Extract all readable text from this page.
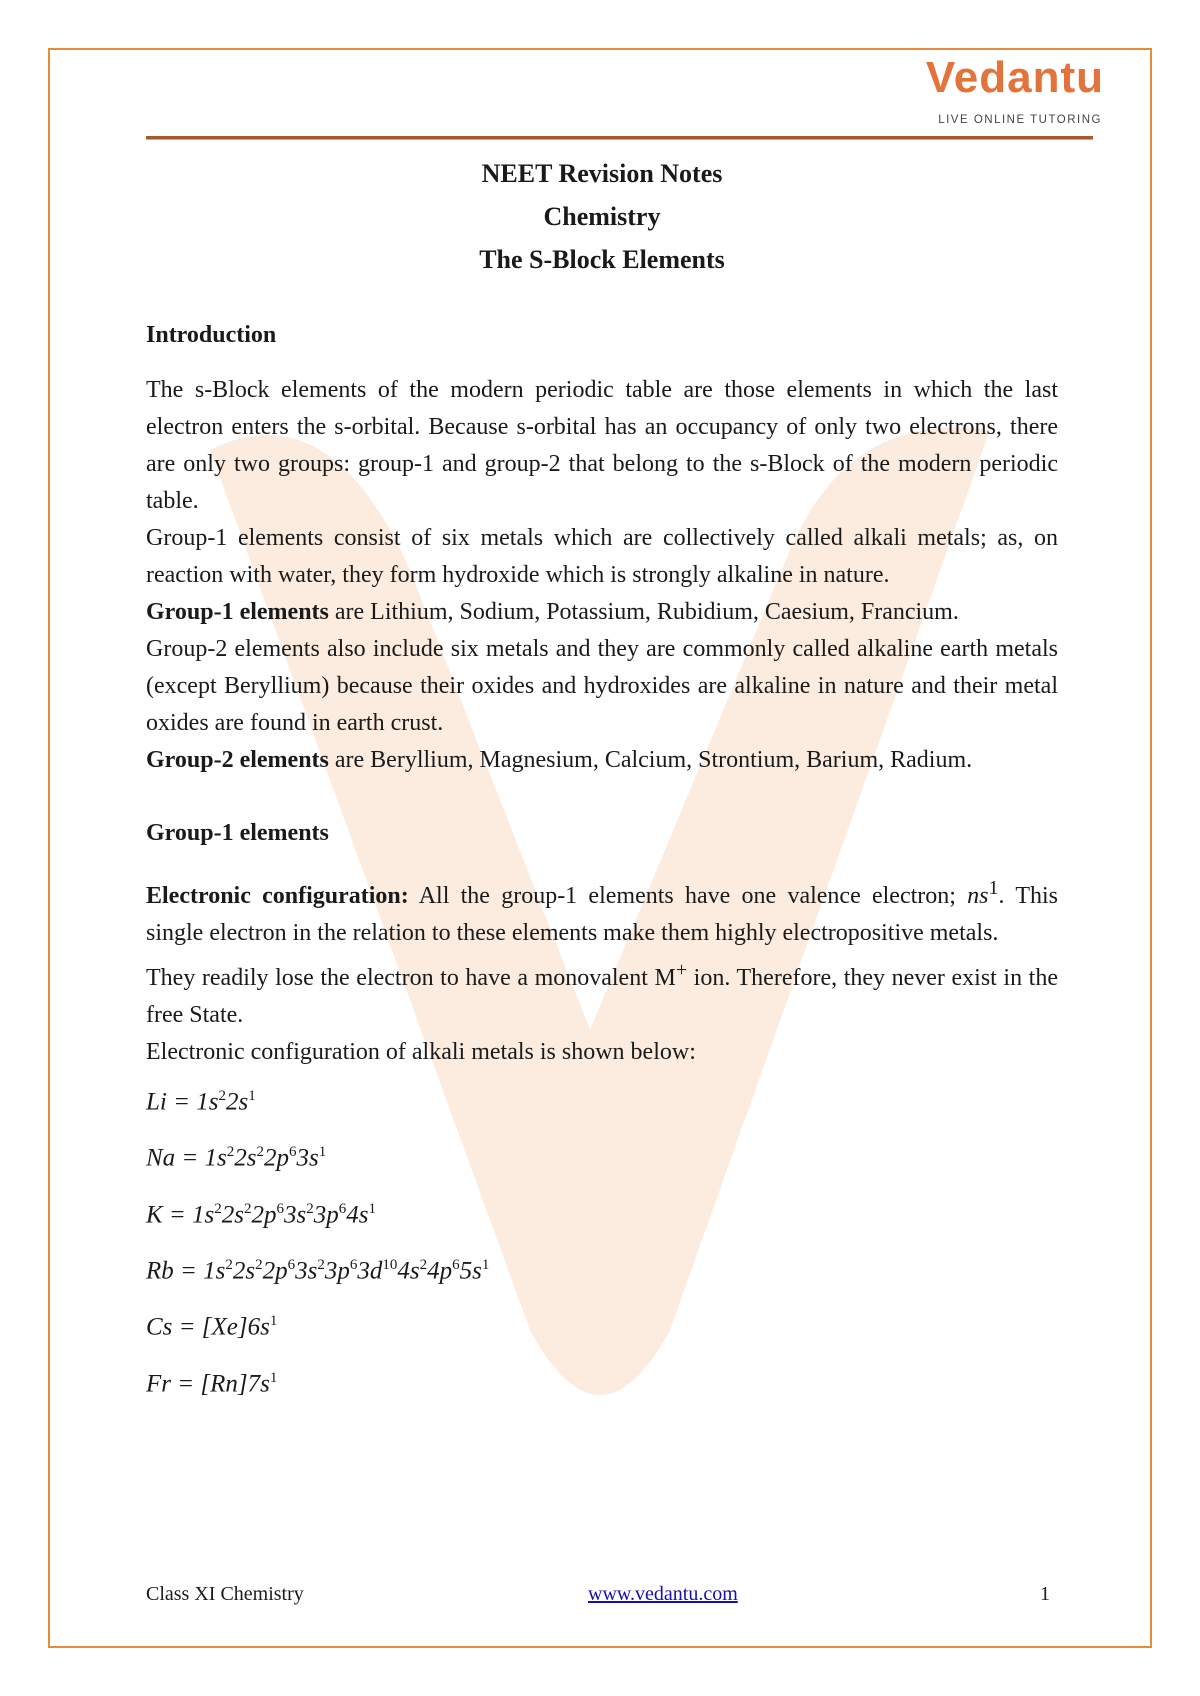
Vedantu
LIVE ONLINE TUTORING
NEET Revision Notes
Chemistry
The S-Block Elements
Introduction

The s-Block elements of the modern periodic table are those elements in which the last electron enters the s-orbital. Because s-orbital has an occupancy of only two electrons, there are only two groups: group-1 and group-2 that belong to the s-Block of the modern periodic table.

Group-1 elements consist of six metals which are collectively called alkali metals; as, on reaction with water, they form hydroxide which is strongly alkaline in nature.

Group-1 elements are Lithium, Sodium, Potassium, Rubidium, Caesium, Francium.

Group-2 elements also include six metals and they are commonly called alkaline earth metals (except Beryllium) because their oxides and hydroxides are alkaline in nature and their metal oxides are found in earth crust.

Group-2 elements are Beryllium, Magnesium, Calcium, Strontium, Barium, Radium.

Group-1 elements

Electronic configuration: All the group-1 elements have one valence electron; $ns^1$. This single electron in the relation to these elements make them highly electropositive metals.

They readily lose the electron to have a monovalent M+ ion. Therefore, they never exist in the free State.

Electronic configuration of alkali metals is shown below:

$Li = 1s^22s^1$
$Na = 1s^22s^22p^63s^1$
$K = 1s^22s^22p^63s^23p^64s^1$
$Rb = 1s^22s^22p^63s^23p^63d^{10}4s^24p^65s^1$
$Cs = [Xe]6s^1$
$Fr = [Rn]7s^1$
Class XI Chemistry	www.vedantu.com	1
